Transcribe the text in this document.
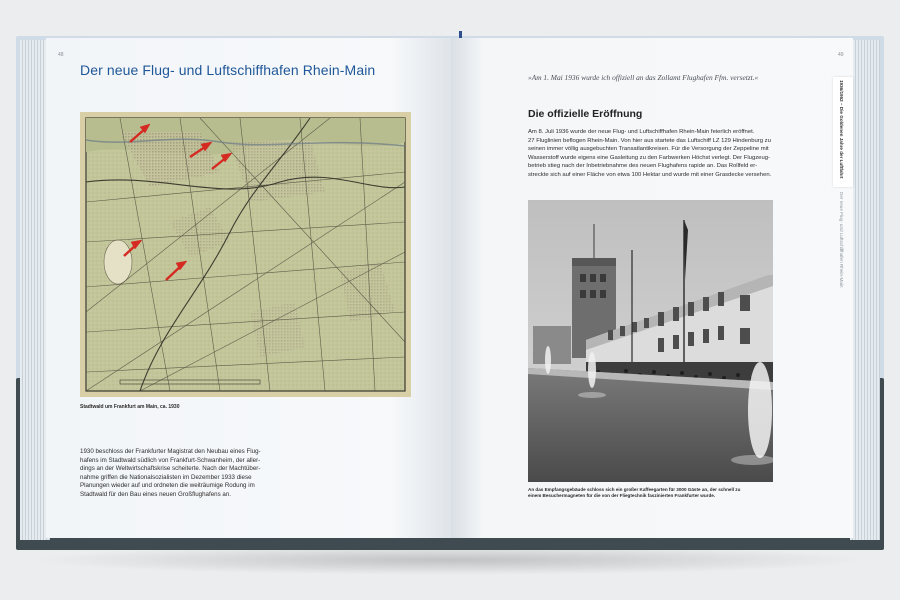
48
Der neue Flug- und Luftschiffhafen Rhein-Main
Stadtwald um Frankfurt am Main, ca. 1930

1930 beschloss der Frankfurter Magistrat den Neubau eines Flug-

hafens im Stadtwald südlich von Frankfurt-Schwanheim, der aller-

dings an der Weltwirtschaftskrise scheiterte. Nach der Machtüber-

nahme griffen die Nationalsozialisten im Dezember 1933 diese

Planungen wieder auf und ordneten die weiträumige Rodung im

Stadtwald für den Bau eines neuen Großflughafens an.

49
»Am 1. Mai 1936 wurde ich offiziell an das Zollamt Flughafen Ffm. versetzt.«
Die offizielle Eröffnung

Am 8. Juli 1936 wurde der neue Flug- und Luftschiffhafen Rhein-Main feierlich eröffnet.

27 Fluglinien beflogen Rhein-Main. Von hier aus startete das Luftschiff LZ 129 Hindenburg zu

seinen immer völlig ausgebuchten Transatlantikreisen. Für die Versorgung der Zeppeline mit

Wasserstoff wurde eigens eine Gasleitung zu den Farbwerken Höchst verlegt. Der Flugzeug-

betrieb stieg nach der Inbetriebnahme des neuen Flughafens rapide an. Das Rollfeld er-

streckte sich auf einer Fläche von etwa 100 Hektar und wurde mit einer Grasdecke versehen.

An das Empfangsgebäude schloss sich ein großer Kaffeegarten für 3000 Gäste an, der schnell zu
einem Besuchermagneten für die von der Fliegtechnik faszinierten Frankfurter wurde.
1936/1952 – Die Goldenen Jahre der Luftfahrt
Der neue Flug- und Luftschiffhafen Rhein-Main
